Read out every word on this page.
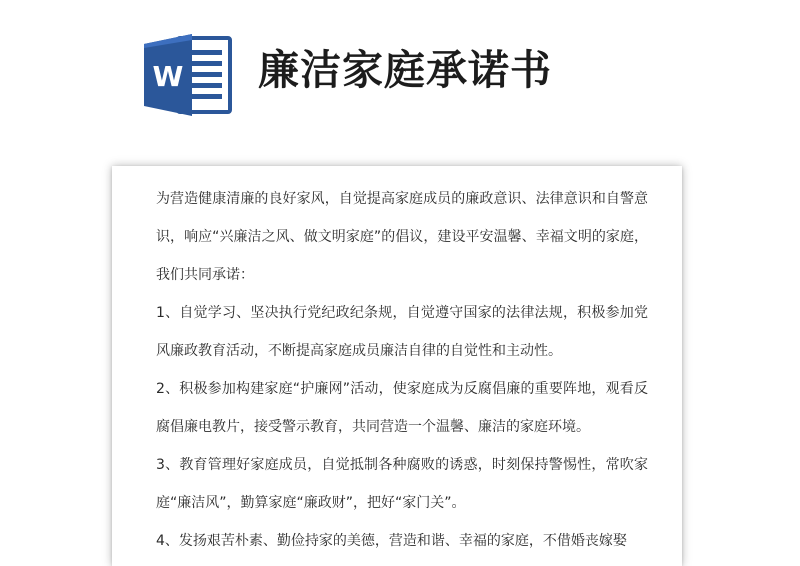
W 廉洁家庭承诺书

为营造健康清廉的良好家风，自觉提高家庭成员的廉政意识、法律意识和自警意识，响应“兴廉洁之风、做文明家庭”的倡议，建设平安温馨、幸福文明的家庭，我们共同承诺：

1、自觉学习、坚决执行党纪政纪条规，自觉遵守国家的法律法规，积极参加党风廉政教育活动，不断提高家庭成员廉洁自律的自觉性和主动性。

2、积极参加构建家庭“护廉网”活动，使家庭成为反腐倡廉的重要阵地，观看反腐倡廉电教片，接受警示教育，共同营造一个温馨、廉洁的家庭环境。

3、教育管理好家庭成员，自觉抵制各种腐败的诱惑，时刻保持警惕性，常吹家庭“廉洁风”，勤算家庭“廉政财”，把好“家门关”。

4、发扬艰苦朴素、勤俭持家的美德，营造和谐、幸福的家庭，不借婚丧嫁娶
